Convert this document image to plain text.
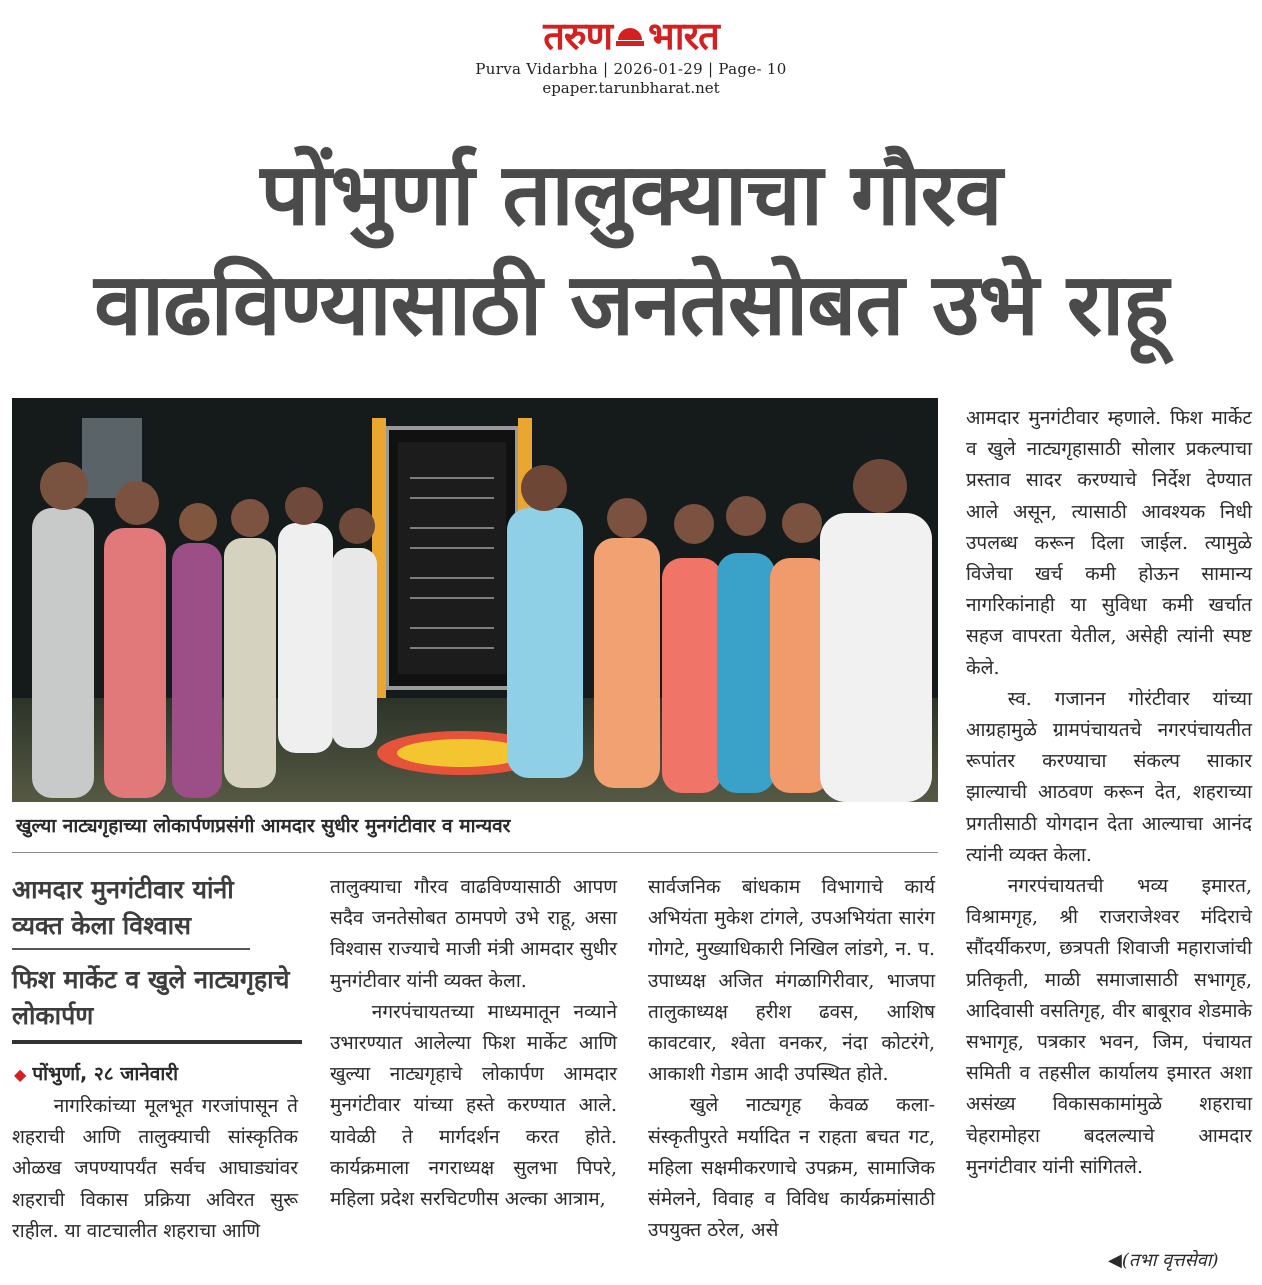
तरुण भारत
Purva Vidarbha | 2026-01-29 | Page- 10
epaper.tarunbharat.net
पोंभुर्णा तालुक्याचा गौरव
वाढविण्यासाठी जनतेसोबत उभे राहू
खुल्या नाट्यगृहाच्या लोकार्पणप्रसंगी आमदार सुधीर मुनगंटीवार व मान्यवर
आमदार मुनगंटीवार यांनी व्यक्त केला विश्वास
फिश मार्केट व खुले नाट्यगृहाचे लोकार्पण
◆ पोंभुर्णा, २८ जानेवारी

नागरिकांच्या मूलभूत गरजांपासून ते शहराची आणि तालुक्याची सांस्कृतिक ओळख जपण्यापर्यंत सर्वच आघाड्यांवर शहराची विकास प्रक्रिया अविरत सुरू राहील. या वाटचालीत शहराचा आणि

तालुक्याचा गौरव वाढविण्यासाठी आपण सदैव जनतेसोबत ठामपणे उभे राहू, असा विश्वास राज्याचे माजी मंत्री आमदार सुधीर मुनगंटीवार यांनी व्यक्त केला.

नगरपंचायतच्या माध्यमातून नव्याने उभारण्यात आलेल्या फिश मार्केट आणि खुल्या नाट्यगृहाचे लोकार्पण आमदार मुनगंटीवार यांच्या हस्ते करण्यात आले. यावेळी ते मार्गदर्शन करत होते. कार्यक्रमाला नगराध्यक्ष सुलभा पिपरे, महिला प्रदेश सरचिटणीस अल्का आत्राम,

सार्वजनिक बांधकाम विभागाचे कार्य अभियंता मुकेश टांगले, उपअभियंता सारंग गोगटे, मुख्याधिकारी निखिल लांडगे, न. प. उपाध्यक्ष अजित मंगळागिरीवार, भाजपा तालुकाध्यक्ष हरीश ढवस, आशिष कावटवार, श्वेता वनकर, नंदा कोटरंगे, आकाशी गेडाम आदी उपस्थित होते.

खुले नाट्यगृह केवळ कला-संस्कृतीपुरते मर्यादित न राहता बचत गट, महिला सक्षमीकरणाचे उपक्रम, सामाजिक संमेलने, विवाह व विविध कार्यक्रमांसाठी उपयुक्त ठरेल, असे

आमदार मुनगंटीवार म्हणाले. फिश मार्केट व खुले नाट्यगृहासाठी सोलार प्रकल्पाचा प्रस्ताव सादर करण्याचे निर्देश देण्यात आले असून, त्यासाठी आवश्यक निधी उपलब्ध करून दिला जाईल. त्यामुळे विजेचा खर्च कमी होऊन सामान्य नागरिकांनाही या सुविधा कमी खर्चात सहज वापरता येतील, असेही त्यांनी स्पष्ट केले.

स्व. गजानन गोरंटीवार यांच्या आग्रहामुळे ग्रामपंचायतचे नगरपंचायतीत रूपांतर करण्याचा संकल्प साकार झाल्याची आठवण करून देत, शहराच्या प्रगतीसाठी योगदान देता आल्याचा आनंद त्यांनी व्यक्त केला.

नगरपंचायतची भव्य इमारत, विश्रामगृह, श्री राजराजेश्वर मंदिराचे सौंदर्यीकरण, छत्रपती शिवाजी महाराजांची प्रतिकृती, माळी समाजासाठी सभागृह, आदिवासी वसतिगृह, वीर बाबूराव शेडमाके सभागृह, पत्रकार भवन, जिम, पंचायत समिती व तहसील कार्यालय इमारत अशा असंख्य विकासकामांमुळे शहराचा चेहरामोहरा बदलल्याचे आमदार मुनगंटीवार यांनी सांगितले.

◀(तभा वृत्तसेवा)
